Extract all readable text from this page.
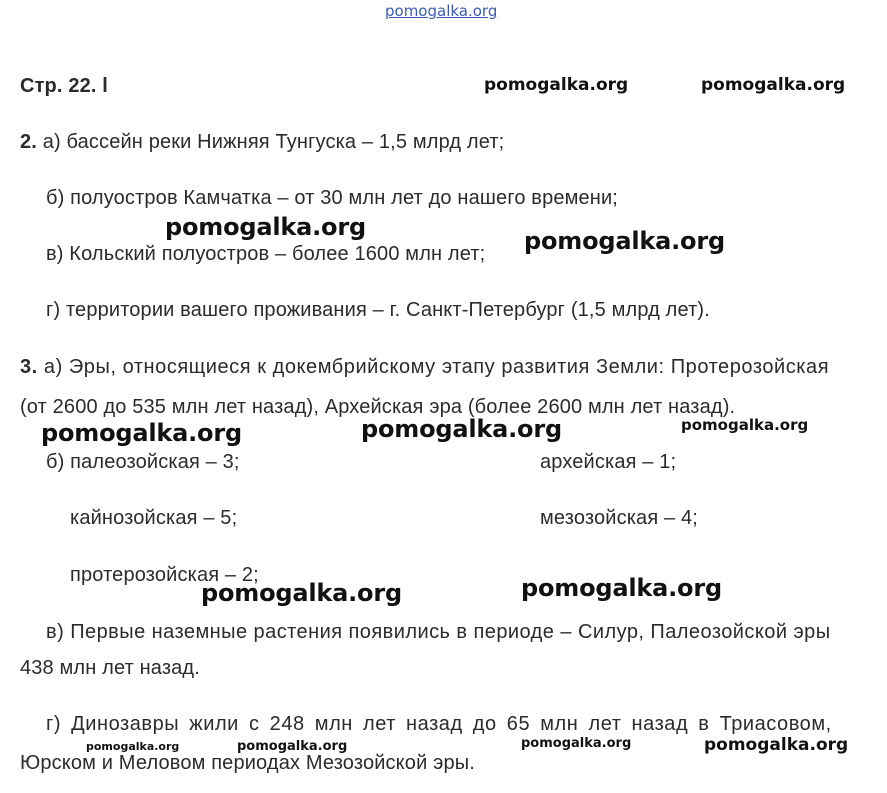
pomogalka.org
pomogalka.org	pomogalka.org
pomogalka.org	pomogalka.org
pomogalka.org	pomogalka.org	pomogalka.org
pomogalka.org	pomogalka.org
pomogalka.org	pomogalka.org	pomogalka.org	pomogalka.org
Стр. 22. l
2. а) бассейн реки Нижняя Тунгуска – 1,5 млрд лет;
б) полуостров Камчатка – от 30 млн лет до нашего времени;
в) Кольский полуостров – более 1600 млн лет;
г) территории вашего проживания – г. Санкт-Петербург (1,5 млрд лет).
3. а) Эры, относящиеся к докембрийскому этапу развития Земли: Протерозойская
(от 2600 до 535 млн лет назад), Архейская эра (более 2600 млн лет назад).
б) палеозойская – 3;	архейская – 1;
кайнозойская – 5;	мезозойская – 4;
протерозойская – 2;
в) Первые наземные растения появились в периоде – Силур, Палеозойской эры
438 млн лет назад.
г) Динозавры жили с 248 млн лет назад до 65 млн лет назад в Триасовом,
Юрском и Меловом периодах Мезозойской эры.
